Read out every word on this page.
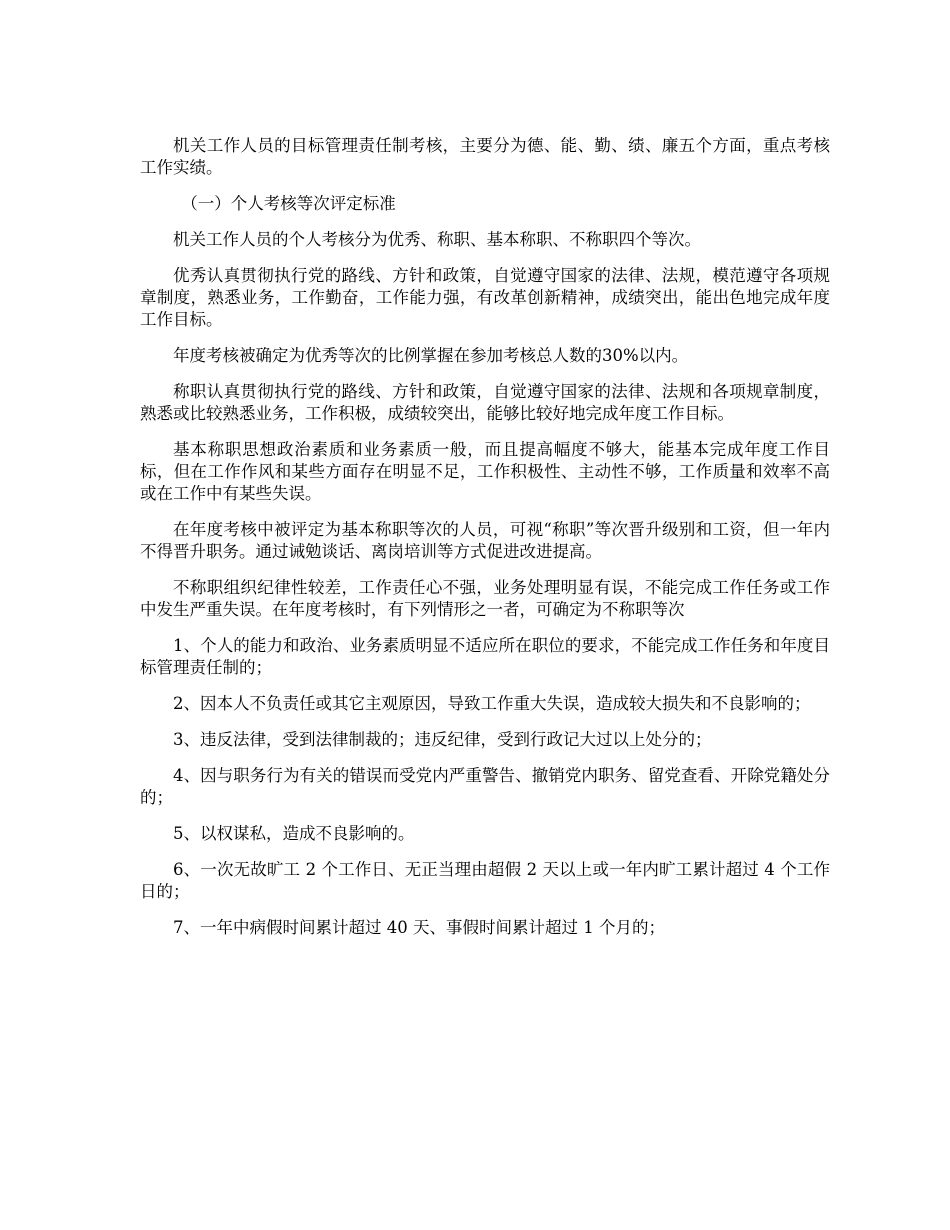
机关工作人员的目标管理责任制考核，主要分为德、能、勤、绩、廉五个方面，重点考核工作实绩。

（一）个人考核等次评定标准

机关工作人员的个人考核分为优秀、称职、基本称职、不称职四个等次。

优秀认真贯彻执行党的路线、方针和政策，自觉遵守国家的法律、法规，模范遵守各项规章制度，熟悉业务，工作勤奋，工作能力强，有改革创新精神，成绩突出，能出色地完成年度工作目标。

年度考核被确定为优秀等次的比例掌握在参加考核总人数的30%以内。

称职认真贯彻执行党的路线、方针和政策，自觉遵守国家的法律、法规和各项规章制度，熟悉或比较熟悉业务，工作积极，成绩较突出，能够比较好地完成年度工作目标。

基本称职思想政治素质和业务素质一般，而且提高幅度不够大，能基本完成年度工作目标，但在工作作风和某些方面存在明显不足，工作积极性、主动性不够，工作质量和效率不高或在工作中有某些失误。

在年度考核中被评定为基本称职等次的人员，可视“称职”等次晋升级别和工资，但一年内不得晋升职务。通过诫勉谈话、离岗培训等方式促进改进提高。

不称职组织纪律性较差，工作责任心不强，业务处理明显有误，不能完成工作任务或工作中发生严重失误。在年度考核时，有下列情形之一者，可确定为不称职等次

1、个人的能力和政治、业务素质明显不适应所在职位的要求，不能完成工作任务和年度目标管理责任制的；

2、因本人不负责任或其它主观原因，导致工作重大失误，造成较大损失和不良影响的；

3、违反法律，受到法律制裁的；违反纪律，受到行政记大过以上处分的；

4、因与职务行为有关的错误而受党内严重警告、撤销党内职务、留党查看、开除党籍处分的；

5、以权谋私，造成不良影响的。

6、一次无故旷工 2 个工作日、无正当理由超假 2 天以上或一年内旷工累计超过 4 个工作日的；

7、一年中病假时间累计超过 40 天、事假时间累计超过 1 个月的；
